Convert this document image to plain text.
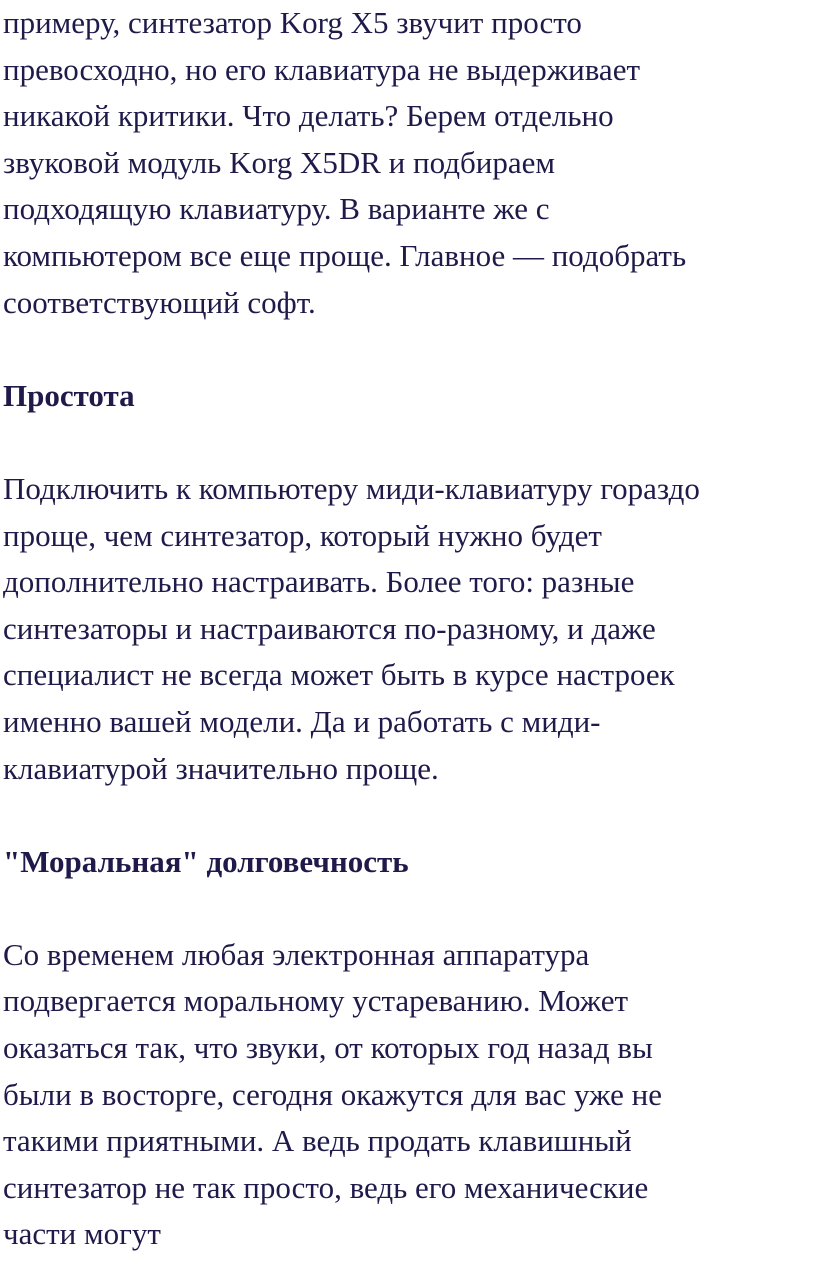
примеру, синтезатор Korg X5 звучит просто
превосходно, но его клавиатура не выдерживает
никакой критики. Что делать? Берем отдельно
звуковой модуль Korg X5DR и подбираем
подходящую клавиатуру. В варианте же с
компьютером все еще проще. Главное — подобрать
соответствующий софт.

Простота

Подключить к компьютеру миди-клавиатуру гораздо
проще, чем синтезатор, который нужно будет
дополнительно настраивать. Более того: разные
синтезаторы и настраиваются по-разному, и даже
специалист не всегда может быть в курсе настроек
именно вашей модели. Да и работать с миди-
клавиатурой значительно проще.

"Моральная" долговечность

Со временем любая электронная аппаратура
подвергается моральному устареванию. Может
оказаться так, что звуки, от которых год назад вы
были в восторге, сегодня окажутся для вас уже не
такими приятными. А ведь продать клавишный
синтезатор не так просто, ведь его механические
части могут
